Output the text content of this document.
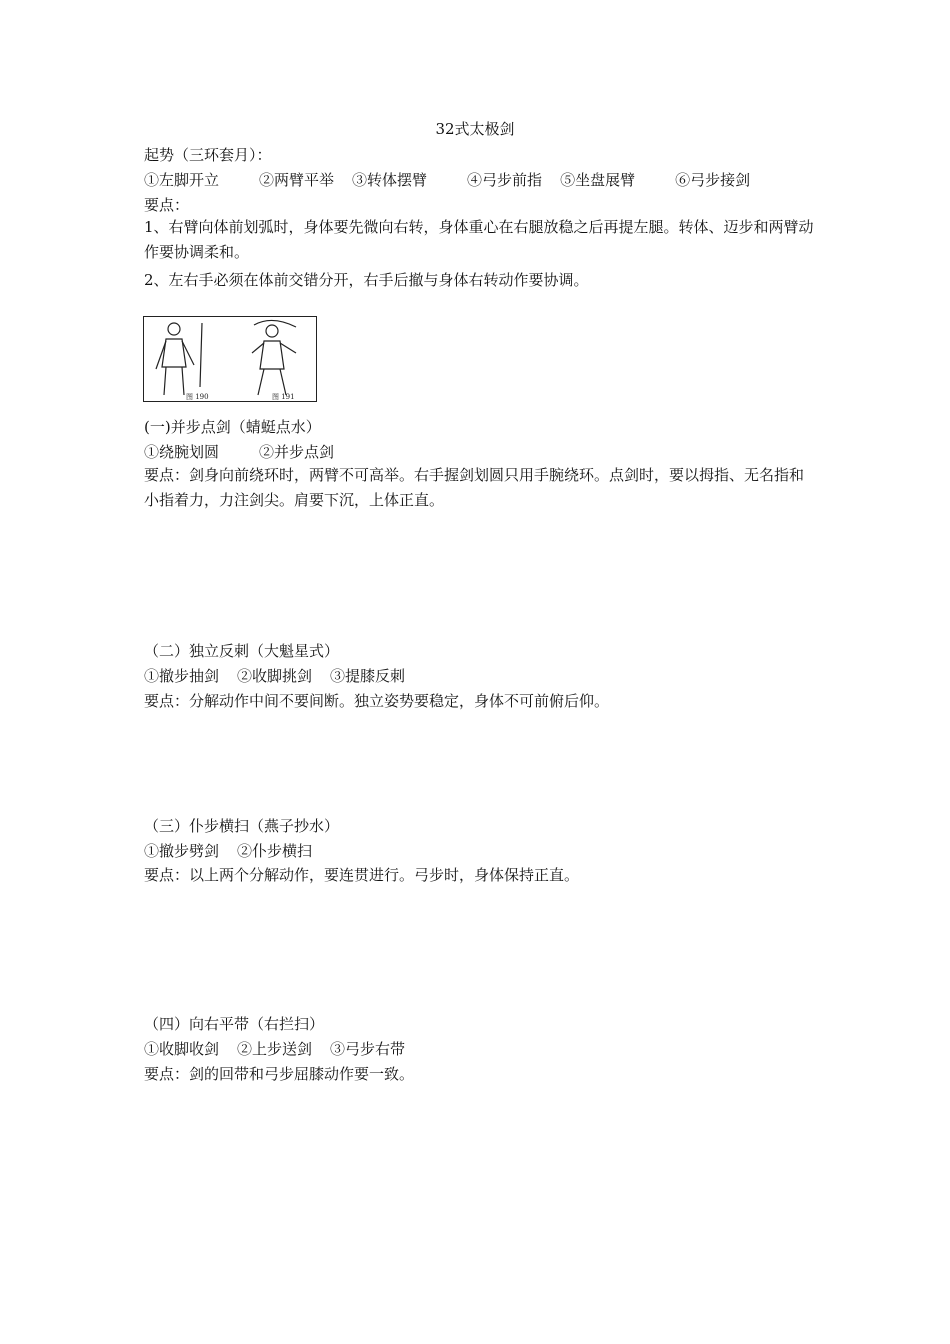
32式太极剑
起势（三环套月）：
①左脚开立	②两臂平举 ③转体摆臂	④弓步前指 ⑤坐盘展臂	⑥弓步接剑
要点：
1、右臂向体前划弧时，身体要先微向右转，身体重心在右腿放稳之后再提左腿。转体、迈步和两臂动作要协调柔和。
2、左右手必须在体前交错分开，右手后撤与身体右转动作要协调。
图 190	图 191
(一)并步点剑（蜻蜓点水）
①绕腕划圆	②并步点剑
要点：剑身向前绕环时，两臂不可高举。右手握剑划圆只用手腕绕环。点剑时，要以拇指、无名指和小指着力，力注剑尖。肩要下沉，上体正直。
（二）独立反刺（大魁星式）
①撤步抽剑 ②收脚挑剑 ③提膝反刺
要点：分解动作中间不要间断。独立姿势要稳定，身体不可前俯后仰。
（三）仆步横扫（燕子抄水）
①撤步劈剑 ②仆步横扫
要点：以上两个分解动作，要连贯进行。弓步时，身体保持正直。
（四）向右平带（右拦扫）
①收脚收剑 ②上步送剑 ③弓步右带
要点：剑的回带和弓步屈膝动作要一致。
